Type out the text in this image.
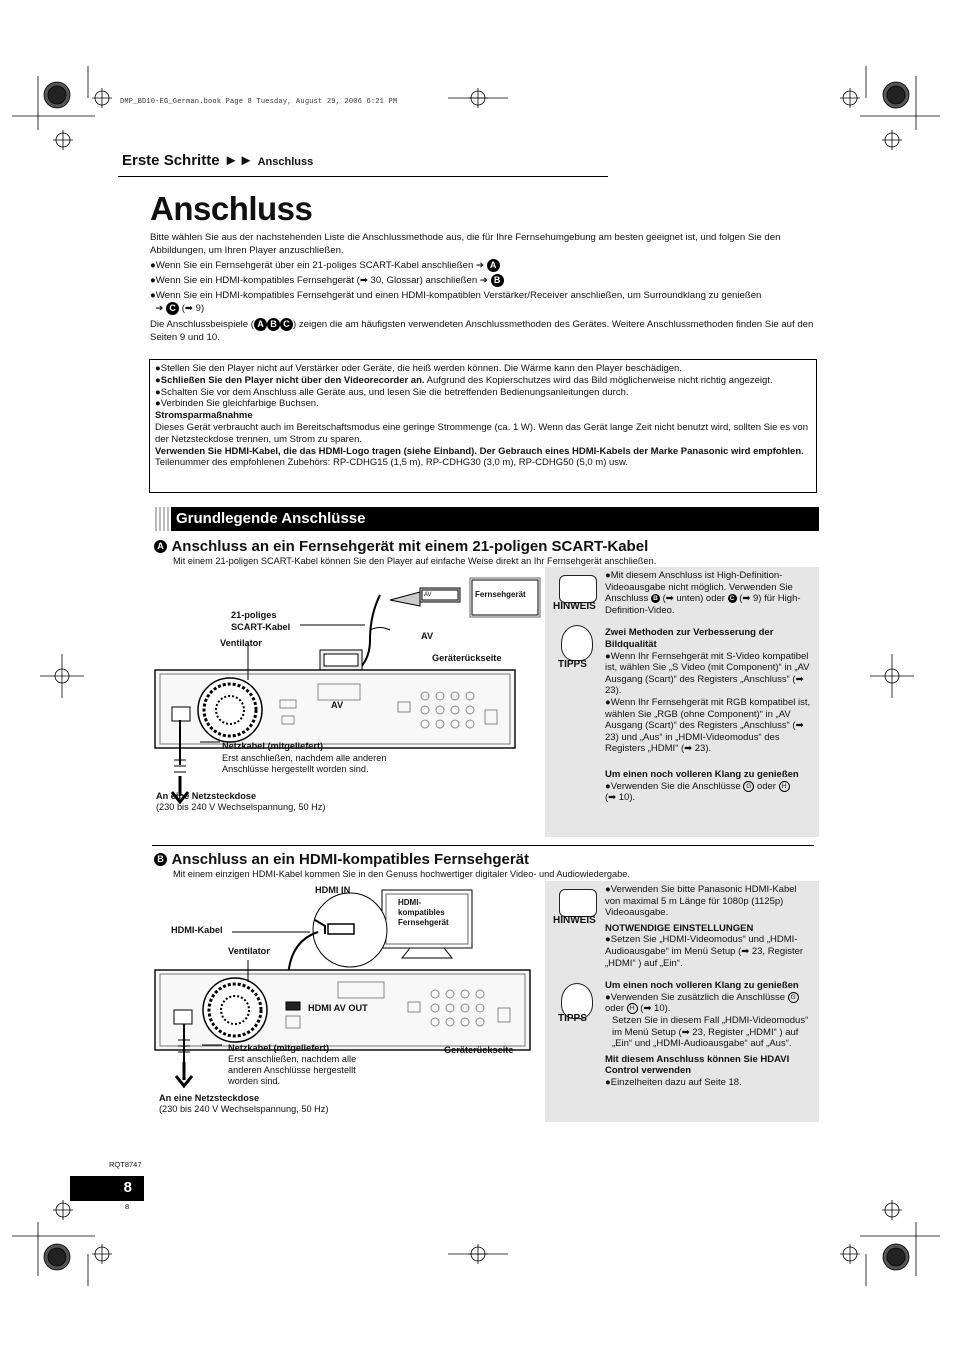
DMP_BD10-EG_German.book Page 8 Tuesday, August 29, 2006 6:21 PM
Erste Schritte ►► Anschluss
Anschluss

Bitte wählen Sie aus der nachstehenden Liste die Anschlussmethode aus, die für Ihre Fernsehumgebung am besten geeignet ist, und folgen Sie den Abbildungen, um Ihren Player anzuschließen.

●Wenn Sie ein Fernsehgerät über ein 21-poliges SCART-Kabel anschließen ➔ A

●Wenn Sie ein HDMI-kompatibles Fernsehgerät (➡ 30, Glossar) anschließen ➔ B

●Wenn Sie ein HDMI-kompatibles Fernsehgerät und einen HDMI-kompatiblen Verstärker/Receiver anschließen, um Surroundklang zu genießen
➔ C (➡ 9)

Die Anschlussbeispiele ( A B C ) zeigen die am häufigsten verwendeten Anschlussmethoden des Gerätes. Weitere Anschlussmethoden finden Sie auf den Seiten 9 und 10.

●Stellen Sie den Player nicht auf Verstärker oder Geräte, die heiß werden können. Die Wärme kann den Player beschädigen.

●Schließen Sie den Player nicht über den Videorecorder an. Aufgrund des Kopierschutzes wird das Bild möglicherweise nicht richtig angezeigt.

●Schalten Sie vor dem Anschluss alle Geräte aus, und lesen Sie die betreffenden Bedienungsanleitungen durch.

●Verbinden Sie gleichfarbige Buchsen.

Stromsparmaßnahme

Dieses Gerät verbraucht auch im Bereitschaftsmodus eine geringe Strommenge (ca. 1 W). Wenn das Gerät lange Zeit nicht benutzt wird, sollten Sie es von der Netzsteckdose trennen, um Strom zu sparen.

Verwenden Sie HDMI-Kabel, die das HDMI-Logo tragen (siehe Einband). Der Gebrauch eines HDMI-Kabels der Marke Panasonic wird empfohlen.

Teilenummer des empfohlenen Zubehörs: RP-CDHG15 (1,5 m), RP-CDHG30 (3,0 m), RP-CDHG50 (5,0 m) usw.

Grundlegende Anschlüsse
A Anschluss an ein Fernsehgerät mit einem 21-poligen SCART-Kabel
Mit einem 21-poligen SCART-Kabel können Sie den Player auf einfache Weise direkt an Ihr Fernsehgerät anschließen.
Fernsehgerät
AV
21-poliges
SCART-Kabel
AV
Ventilator
Geräterückseite
AV
Netzkabel (mitgeliefert)
Erst anschließen, nachdem alle anderen
Anschlüsse hergestellt worden sind.
An eine Netzsteckdose
(230 bis 240 V Wechselspannung, 50 Hz)
HINWEIS
TIPPS

●Mit diesem Anschluss ist High-Definition-Videoausgabe nicht möglich. Verwenden Sie Anschluss B (➡ unten) oder C (➡ 9) für High-Definition-Video.

Zwei Methoden zur Verbesserung der Bildqualität

●Wenn Ihr Fernsehgerät mit S-Video kompatibel ist, wählen Sie „S Video (mit Component)“ in „AV Ausgang (Scart)“ des Registers „Anschluss“ (➡ 23).

●Wenn Ihr Fernsehgerät mit RGB kompatibel ist, wählen Sie „RGB (ohne Component)“ in „AV Ausgang (Scart)“ des Registers „Anschluss“ (➡ 23) und „Aus“ in „HDMI-Videomodus“ des Registers „HDMI“ (➡ 23).

Um einen noch volleren Klang zu genießen

●Verwenden Sie die Anschlüsse G oder H
(➡ 10).

B Anschluss an ein HDMI-kompatibles Fernsehgerät
Mit einem einzigen HDMI-Kabel kommen Sie in den Genuss hochwertiger digitaler Video- und Audiowiedergabe.
HDMI IN
HDMI-
kompatibles
Fernsehgerät
HDMI-Kabel
Ventilator
HDMI AV OUT
Netzkabel (mitgeliefert)
Erst anschließen, nachdem alle
anderen Anschlüsse hergestellt
worden sind.
Geräterückseite
An eine Netzsteckdose
(230 bis 240 V Wechselspannung, 50 Hz)
HINWEIS
TIPPS

●Verwenden Sie bitte Panasonic HDMI-Kabel von maximal 5 m Länge für 1080p (1125p) Videoausgabe.

NOTWENDIGE EINSTELLUNGEN

●Setzen Sie „HDMI-Videomodus“ und „HDMI-Audioausgabe“ im Menü Setup (➡ 23, Register „HDMI“ ) auf „Ein“.

Um einen noch volleren Klang zu genießen

●Verwenden Sie zusätzlich die Anschlüsse G oder H (➡ 10).

Setzen Sie in diesem Fall „HDMI-Videomodus“ im Menü Setup (➡ 23, Register „HDMI“ ) auf „Ein“ und „HDMI-Audioausgabe“ auf „Aus“.

Mit diesem Anschluss können Sie HDAVI Control verwenden

●Einzelheiten dazu auf Seite 18.

RQT8747
8
8
